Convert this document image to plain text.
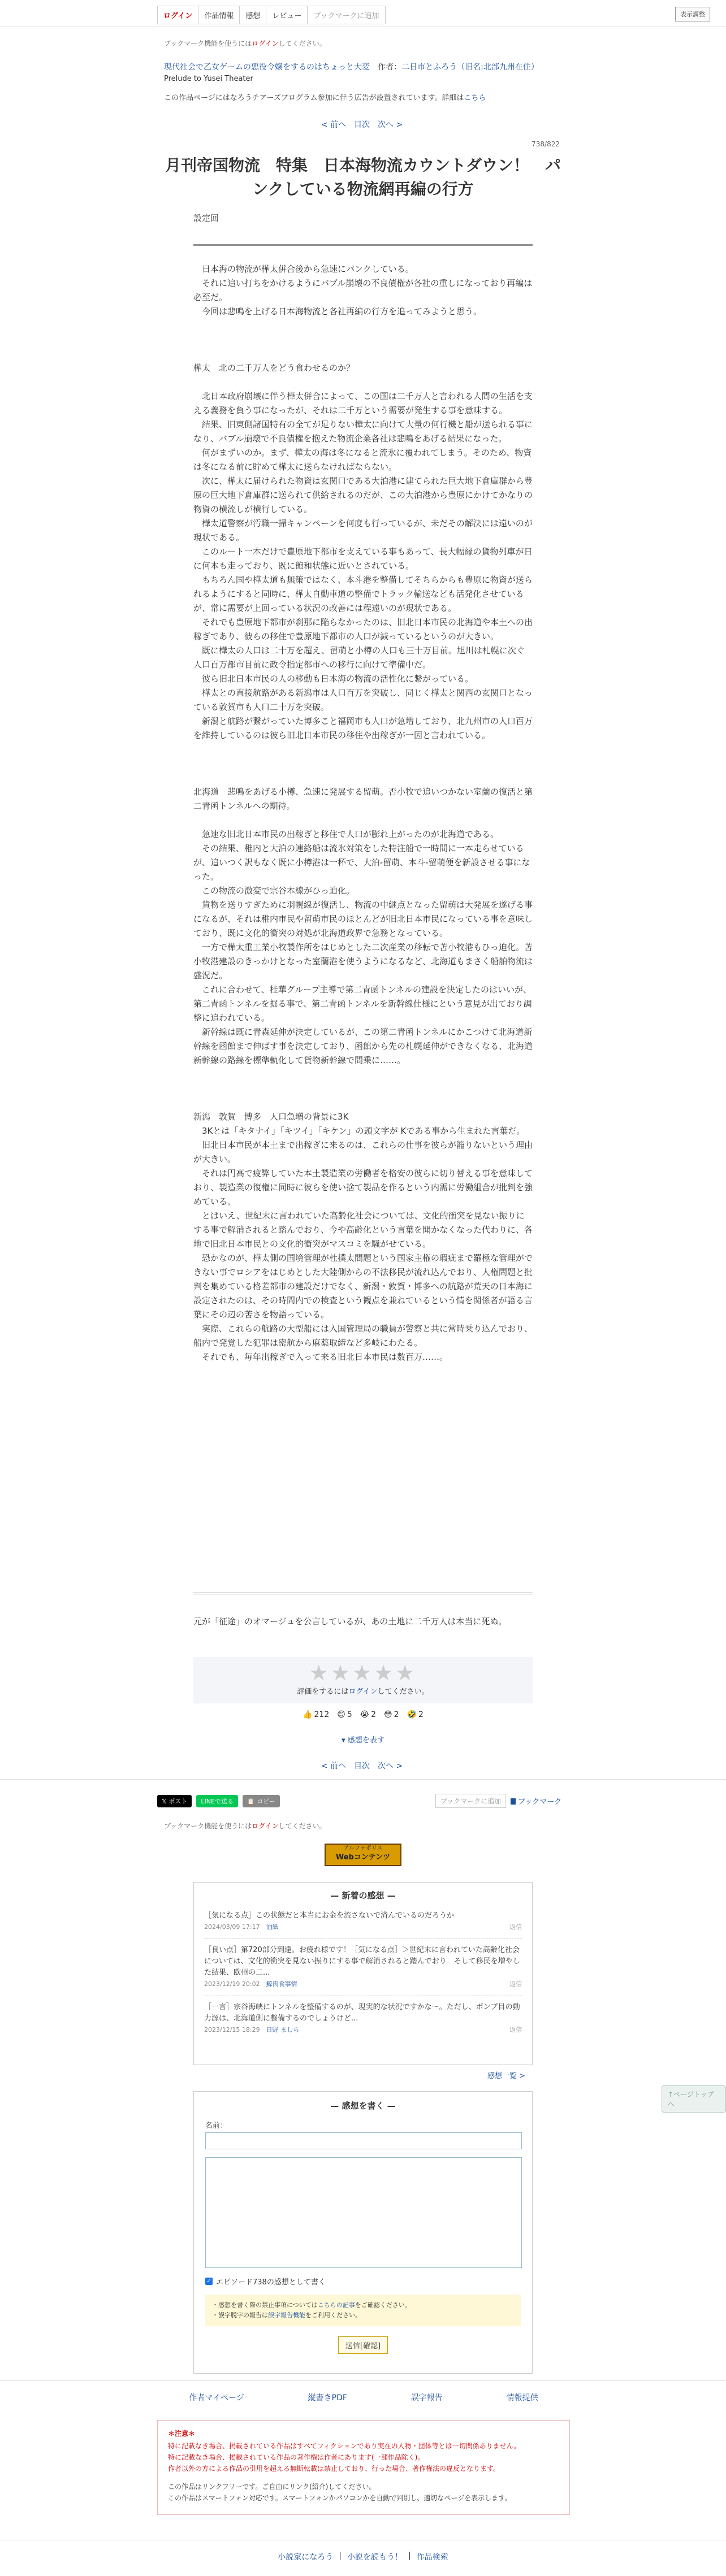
ログイン	作品情報	感想	レビュー	ブックマークに追加	表示調整
ブックマーク機能を使うにはログインしてください。
現代社会で乙女ゲームの悪役令嬢をするのはちょっと大変 作者：二日市とふろう（旧名:北部九州在住）
Prelude to Yusei Theater
この作品ページにはなろうチアーズプログラム参加に伴う広告が設置されています。詳細はこちら
< 前へ 目次 次へ >
738/822
月刊帝国物流　特集　日本海物流カウントダウン！　パンクしている物流網再編の行方
設定回

　日本海の物流が樺太併合後から急速にパンクしている。

　それに追い打ちをかけるようにバブル崩壊の不良債権が各社の重しになっており再編は必至だ。

　今回は悲鳴を上げる日本海物流と各社再編の行方を追ってみようと思う。

樺太　北の二千万人をどう食わせるのか？

　北日本政府崩壊に伴う樺太併合によって、この国は二千万人と言われる人間の生活を支える義務を負う事になったが、それは二千万という需要が発生する事を意味する。

　結果、旧東側諸国特有の全てが足りない樺太に向けて大量の何行機と船が送られる事になり、バブル崩壊で不良債権を抱えた物流企業各社は悲鳴をあげる結果になった。

　何がまずいのか。まず、樺太の海は冬になると流氷に覆われてしまう。そのため、物資は冬になる前に貯めて樺太に送らなければならない。

　次に、樺太に届けられた物資は玄関口である大泊港に建てられた巨大地下倉庫群から豊原の巨大地下倉庫群に送られて供給されるのだが、この大泊港から豊原にかけてかなりの物資の横流しが横行している。

　樺太道警察が汚職一掃キャンペーンを何度も行っているが、未だその解決には遠いのが現状である。

　このルート一本だけで豊原地下都市を支えている事もあって、長大幅縁の貨物列車が日に何本も走っており、既に飽和状態に近いとされている。

　もちろん国や樺太道も無策ではなく、本斗港を整備してそちらからも豊原に物資が送られるようにすると同時に、樺太自動車道の整備でトラック輸送なども活発化させているが、常に需要が上回っている状況の改善には程遠いのが現状である。

　それでも豊原地下都市が刹那に陥らなかったのは、旧北日本市民の北海道や本土への出稼ぎであり、彼らの移住で豊原地下都市の人口が減っているというのが大きい。

　既に樺太の人口は二十万を超え、留萌と小樽の人口も三十万目前。旭川は札幌に次ぐ人口百万都市目前に政令指定都市への移行に向けて準備中だ。

　彼ら旧北日本市民の人の移動も日本海の物流の活性化に繋がっている。

　樺太との直接航路がある新潟市は人口百万を突破し、同じく樺太と関西の玄関口となっている敦賀市も人口二十万を突破。

　新潟と航路が繋がっていた博多こと福岡市も人口が急増しており、北九州市の人口百万を維持しているのは彼ら旧北日本市民の移住や出稼ぎが一因と言われている。

北海道　悲鳴をあげる小樽、急速に発展する留萌。否小牧で追いつかない室蘭の復活と第二青函トンネルへの期待。

　急速な旧北日本市民の出稼ぎと移住で人口が膨れ上がったのが北海道である。

　その結果、稚内と大泊の連絡船は流氷対策をした特注船で一時間に一本走らせているが、追いつく訳もなく既に小樽港は一杯で、大泊-留萌、本斗-留萌便を新設させる事になった。

　この物流の激変で宗谷本線がひっ迫化。

　貨物を送りすぎために羽幌線が復活し、物流の中継点となった留萌は大発展を遂げる事になるが、それは稚内市民や留萌市民のほとんどが旧北日本市民になっている事を意味しており、既に文化的衝突の対処が北海道政界で急務となっている。

　一方で樺太重工業小牧製作所をはじめとした二次産業の移転で苫小牧港もひっ迫化。苫小牧港建設のきっかけとなった室蘭港を使うようになるなど、北海道もまさく船舶物流は盛況だ。

　これに合わせて、桂華グループ主導で第二青函トンネルの建設を決定したのはいいが、第二青函トンネルを掘る事で、第二青函トンネルを新幹線仕様にという意見が出ており調整に追われている。

　新幹線は既に青森延伸が決定しているが、この第二青函トンネルにかこつけて北海道新幹線を函館まで伸ばす事を決定しており、函館から先の札幌延伸ができなくなる、北海道新幹線の路線を標準軌化して貨物新幹線で間乗に……。

新潟　敦賀　博多　人口急増の背景に3K

　3Kとは「キタナイ」「キツイ」「キケン」の頭文字が Kである事から生まれた言葉だ。

　旧北日本市民が本土まで出稼ぎに来るのは、これらの仕事を彼らが籠りないという理由が大きい。

　それは円高で疲弊していた本土製造業の労働者を格安の彼らに切り替える事を意味しており、製造業の復権に同時に彼らを使い捨て製品を作るという内需に労働組合が批判を強めている。

　とはいえ、世紀末に言われていた高齢化社会については、文化的衝突を見ない振りにする事で解消されると踏んでおり、今や高齢化という言葉を聞かなくなった代わりに、各地で旧北日本市民との文化的衝突がマスコミを騒がせている。

　恐かなのが、樺太側の国境管理が杜撲太間題という国家主権の瑕疵まで羅極な管理ができない事でロシアをはじめとした大陸側からの不法移民が流れ込んでおり、人権問題と批判を集めている格差都市の建設だけでなく、新潟・敦賀・博多への航路が荒天の日本海に設定されたのは、その時間内での検査という観点を兼ねているという情を関係者が語る言葉にその辺の苦さを物語っている。

　実際、これらの航路の大型船には入国管理局の職員が警察と共に常時乗り込んでおり、船内で発覚した犯罪は密航から麻薬取締など多岐にわたる。

　それでも、毎年出稼ぎで入って来る旧北日本市民は数百万……。

元が「征途」のオマージュを公言しているが、あの土地に二千万人は本当に死ぬ。
★★★★★
評価をするにはログインしてください。
👍 212 😊 5 😭 2 😳 2 🤣 2
▾ 感想を表す
< 前へ 目次 次へ >
𝕏 ポスト	LINEで送る	📋 コピー	ブックマークに追加	ブックマーク
ブックマーク機能を使うにはログインしてください。
アルファポリス
Webコンテンツ
— 新着の感想 —
［気になる点］この状態だと本当にお金を流さないで済んでいるのだろうか
2024/03/09 17:17　 油紙	返信
［良い点］第720部分到達。お疲れ様です！［気になる点］＞世紀末に言われていた高齢化社会については、文化的衝突を見ない振りにする事で解消されると踏んでおり　そして移民を増やした結果、欧州の二...
2023/12/19 20:02　 鯨肉食事情	返信
［一言］宗谷海峡にトンネルを整備するのが、現実的な状況ですかな～。ただし、ボンブ目の動力源は、北海道側に整備するのでしょうけど...
2023/12/15 18:29　 日野 ましら	返信
感想一覧 >
— 感想を書く —
名前：
✓ エピソード738の感想として書く
・感想を書く際の禁止事項についてはこちらの記事をご確認ください。
・誤字脱字の報告は誤字報告機能をご利用ください。
送信[確認]
↑ページトップへ
作者マイページ	縦書きPDF	誤字報告	情報提供
＊注意＊
特に記載なき場合、掲載されている作品はすべてフィクションであり実在の人物・団体等とは一切関係ありません。
特に記載なき場合、掲載されている作品の著作権は作者にあります(一部作品除く)。
作者以外の方による作品の引用を超える無断転載は禁止しており、行った場合、著作権法の違反となります。
この作品はリンクフリーです。ご自由にリンク(紹介)してください。
この作品はスマートフォン対応です。スマートフォンかパソコンかを自動で判別し、適切なページを表示します。
小説家になろう | 小説を読もう！ | 作品検索
